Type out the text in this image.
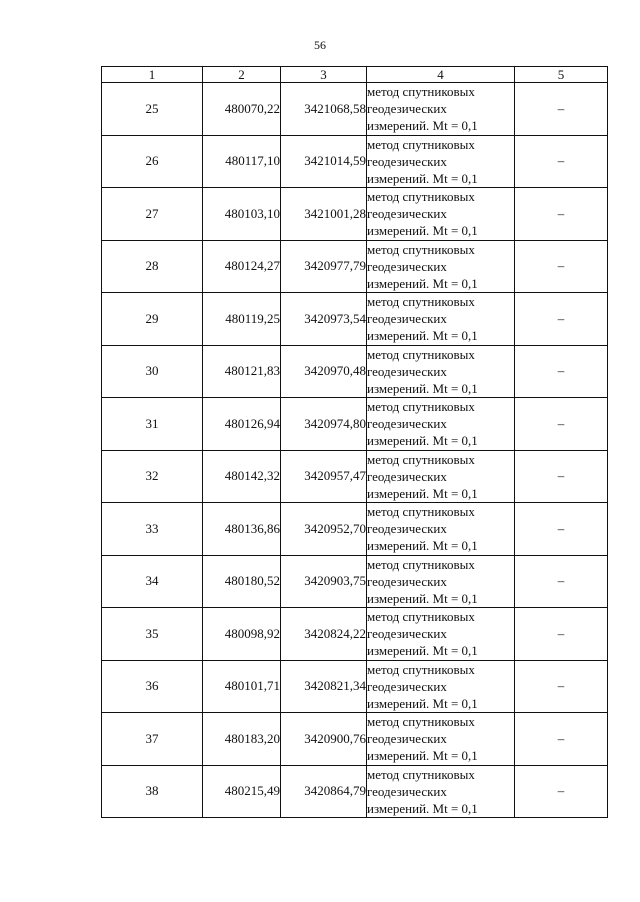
56
1	2	3	4	5
25	480070,22	3421068,58	метод спутниковых
геодезических
измерений. Mt = 0,1	–
26	480117,10	3421014,59	метод спутниковых
геодезических
измерений. Mt = 0,1	–
27	480103,10	3421001,28	метод спутниковых
геодезических
измерений. Mt = 0,1	–
28	480124,27	3420977,79	метод спутниковых
геодезических
измерений. Mt = 0,1	–
29	480119,25	3420973,54	метод спутниковых
геодезических
измерений. Mt = 0,1	–
30	480121,83	3420970,48	метод спутниковых
геодезических
измерений. Mt = 0,1	–
31	480126,94	3420974,80	метод спутниковых
геодезических
измерений. Mt = 0,1	–
32	480142,32	3420957,47	метод спутниковых
геодезических
измерений. Mt = 0,1	–
33	480136,86	3420952,70	метод спутниковых
геодезических
измерений. Mt = 0,1	–
34	480180,52	3420903,75	метод спутниковых
геодезических
измерений. Mt = 0,1	–
35	480098,92	3420824,22	метод спутниковых
геодезических
измерений. Mt = 0,1	–
36	480101,71	3420821,34	метод спутниковых
геодезических
измерений. Mt = 0,1	–
37	480183,20	3420900,76	метод спутниковых
геодезических
измерений. Mt = 0,1	–
38	480215,49	3420864,79	метод спутниковых
геодезических
измерений. Mt = 0,1	–
